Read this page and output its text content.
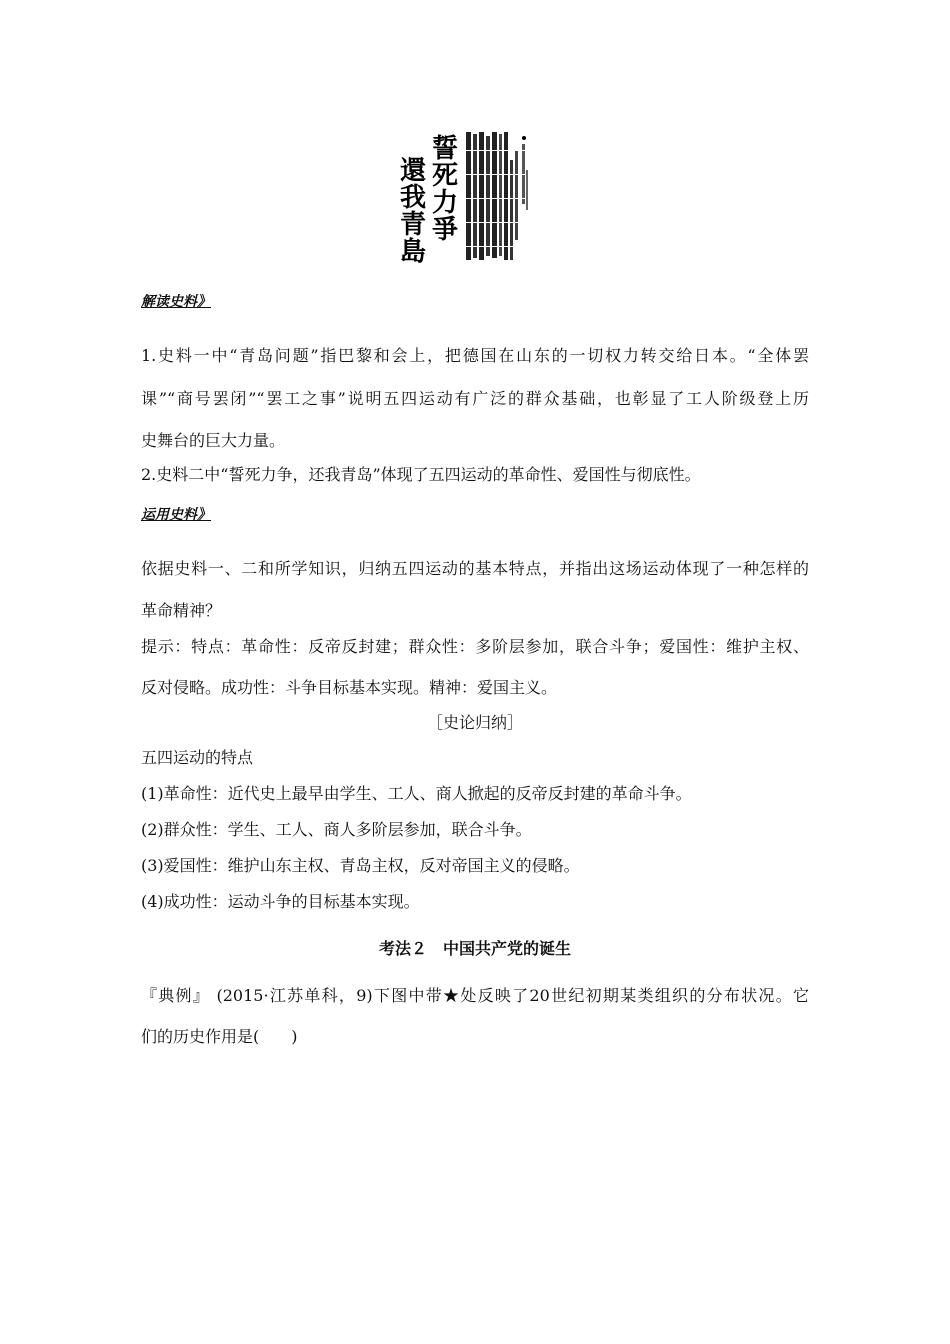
還
我
青
島
誓
死
力
爭
解读史料》
1.史料一中“青岛问题”指巴黎和会上，把德国在山东的一切权力转交给日本。“全体罢
课”“商号罢闭”“罢工之事”说明五四运动有广泛的群众基础，也彰显了工人阶级登上历
史舞台的巨大力量。
2.史料二中“誓死力争，还我青岛”体现了五四运动的革命性、爱国性与彻底性。
运用史料》
依据史料一、二和所学知识，归纳五四运动的基本特点，并指出这场运动体现了一种怎样的
革命精神？
提示：特点：革命性：反帝反封建；群众性：多阶层参加，联合斗争；爱国性：维护主权、
反对侵略。成功性：斗争目标基本实现。精神：爱国主义。
［史论归纳］
五四运动的特点
(1)革命性：近代史上最早由学生、工人、商人掀起的反帝反封建的革命斗争。
(2)群众性：学生、工人、商人多阶层参加，联合斗争。
(3)爱国性：维护山东主权、青岛主权，反对帝国主义的侵略。
(4)成功性：运动斗争的目标基本实现。
考法２　中国共产党的诞生
『典例』 (2015·江苏单科，9)下图中带★处反映了20世纪初期某类组织的分布状况。它
们的历史作用是(　　)
